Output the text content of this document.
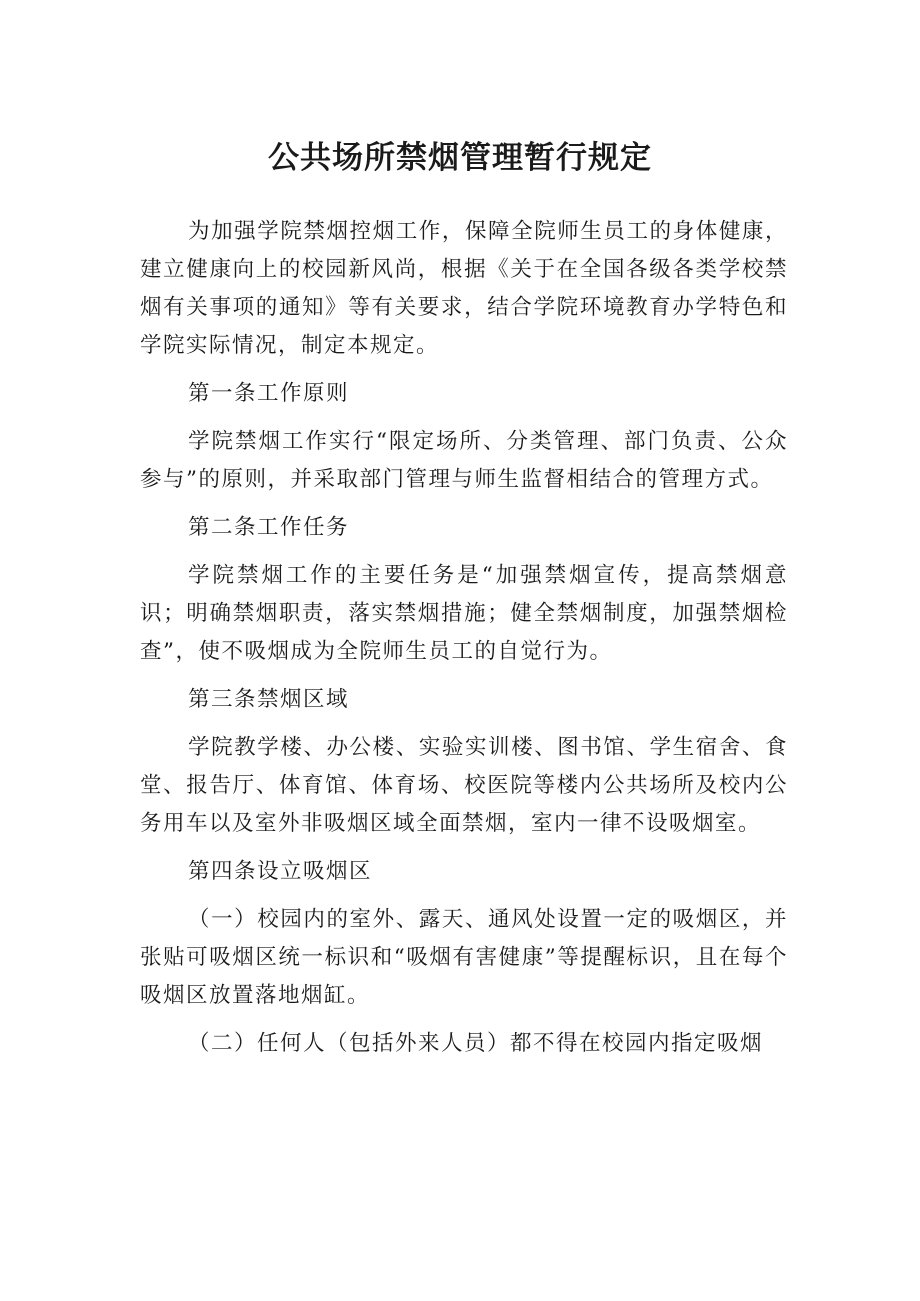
公共场所禁烟管理暂行规定

为加强学院禁烟控烟工作，保障全院师生员工的身体健康，建立健康向上的校园新风尚，根据《关于在全国各级各类学校禁烟有关事项的通知》等有关要求，结合学院环境教育办学特色和学院实际情况，制定本规定。

第一条工作原则

学院禁烟工作实行“限定场所、分类管理、部门负责、公众参与”的原则，并采取部门管理与师生监督相结合的管理方式。

第二条工作任务

学院禁烟工作的主要任务是“加强禁烟宣传，提高禁烟意识；明确禁烟职责，落实禁烟措施；健全禁烟制度，加强禁烟检查”，使不吸烟成为全院师生员工的自觉行为。

第三条禁烟区域

学院教学楼、办公楼、实验实训楼、图书馆、学生宿舍、食堂、报告厅、体育馆、体育场、校医院等楼内公共场所及校内公务用车以及室外非吸烟区域全面禁烟，室内一律不设吸烟室。

第四条设立吸烟区

（一）校园内的室外、露天、通风处设置一定的吸烟区，并张贴可吸烟区统一标识和“吸烟有害健康”等提醒标识，且在每个吸烟区放置落地烟缸。

（二）任何人（包括外来人员）都不得在校园内指定吸烟
